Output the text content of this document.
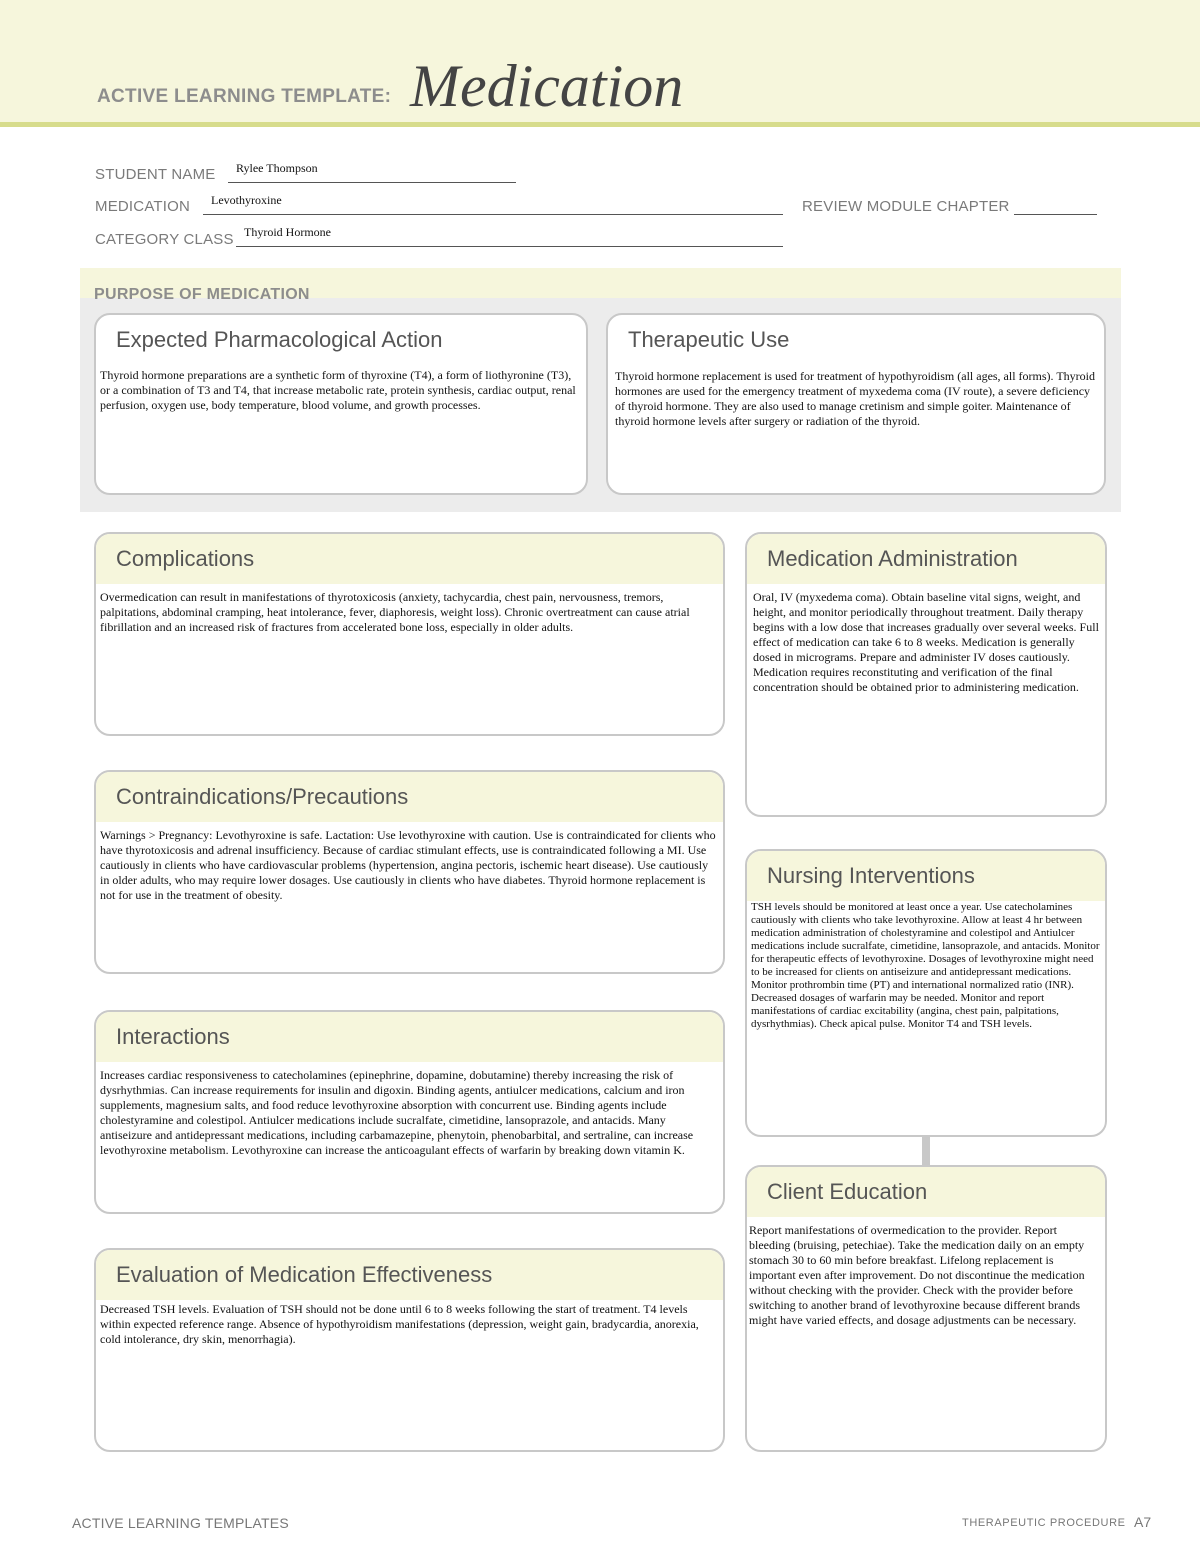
ACTIVE LEARNING TEMPLATE: Medication
STUDENT NAME Rylee Thompson
MEDICATION Levothyroxine	REVIEW MODULE CHAPTER
CATEGORY CLASS Thyroid Hormone
PURPOSE OF MEDICATION
Expected Pharmacological Action
Thyroid hormone preparations are a synthetic form of thyroxine (T4), a form of liothyronine (T3), or a combination of T3 and T4, that increase metabolic rate, protein synthesis, cardiac output, renal perfusion, oxygen use, body temperature, blood volume, and growth processes.
Therapeutic Use
Thyroid hormone replacement is used for treatment of hypothyroidism (all ages, all forms). Thyroid hormones are used for the emergency treatment of myxedema coma (IV route), a severe deficiency of thyroid hormone. They are also used to manage cretinism and simple goiter. Maintenance of thyroid hormone levels after surgery or radiation of the thyroid.
Complications
Overmedication can result in manifestations of thyrotoxicosis (anxiety, tachycardia, chest pain, nervousness, tremors, palpitations, abdominal cramping, heat intolerance, fever, diaphoresis, weight loss). Chronic overtreatment can cause atrial fibrillation and an increased risk of fractures from accelerated bone loss, especially in older adults.
Contraindications/Precautions
Warnings > Pregnancy: Levothyroxine is safe. Lactation: Use levothyroxine with caution. Use is contraindicated for clients who have thyrotoxicosis and adrenal insufficiency. Because of cardiac stimulant effects, use is contraindicated following a MI. Use cautiously in clients who have cardiovascular problems (hypertension, angina pectoris, ischemic heart disease). Use cautiously in older adults, who may require lower dosages. Use cautiously in clients who have diabetes. Thyroid hormone replacement is not for use in the treatment of obesity.
Interactions
Increases cardiac responsiveness to catecholamines (epinephrine, dopamine, dobutamine) thereby increasing the risk of dysrhythmias. Can increase requirements for insulin and digoxin. Binding agents, antiulcer medications, calcium and iron supplements, magnesium salts, and food reduce levothyroxine absorption with concurrent use. Binding agents include cholestyramine and colestipol. Antiulcer medications include sucralfate, cimetidine, lansoprazole, and antacids. Many antiseizure and antidepressant medications, including carbamazepine, phenytoin, phenobarbital, and sertraline, can increase levothyroxine metabolism. Levothyroxine can increase the anticoagulant effects of warfarin by breaking down vitamin K.
Evaluation of Medication Effectiveness
Decreased TSH levels. Evaluation of TSH should not be done until 6 to 8 weeks following the start of treatment. T4 levels within expected reference range. Absence of hypothyroidism manifestations (depression, weight gain, bradycardia, anorexia, cold intolerance, dry skin, menorrhagia).
Medication Administration
Oral, IV (myxedema coma). Obtain baseline vital signs, weight, and height, and monitor periodically throughout treatment. Daily therapy begins with a low dose that increases gradually over several weeks. Full effect of medication can take 6 to 8 weeks. Medication is generally dosed in micrograms. Prepare and administer IV doses cautiously. Medication requires reconstituting and verification of the final concentration should be obtained prior to administering medication.
Nursing Interventions
TSH levels should be monitored at least once a year. Use catecholamines cautiously with clients who take levothyroxine. Allow at least 4 hr between medication administration of cholestyramine and colestipol and Antiulcer medications include sucralfate, cimetidine, lansoprazole, and antacids. Monitor for therapeutic effects of levothyroxine. Dosages of levothyroxine might need to be increased for clients on antiseizure and antidepressant medications. Monitor prothrombin time (PT) and international normalized ratio (INR). Decreased dosages of warfarin may be needed. Monitor and report manifestations of cardiac excitability (angina, chest pain, palpitations, dysrhythmias). Check apical pulse. Monitor T4 and TSH levels.
Client Education
Report manifestations of overmedication to the provider. Report bleeding (bruising, petechiae). Take the medication daily on an empty stomach 30 to 60 min before breakfast. Lifelong replacement is important even after improvement. Do not discontinue the medication without checking with the provider. Check with the provider before switching to another brand of levothyroxine because different brands might have varied effects, and dosage adjustments can be necessary.
ACTIVE LEARNING TEMPLATES	THERAPEUTIC PROCEDURE A7
